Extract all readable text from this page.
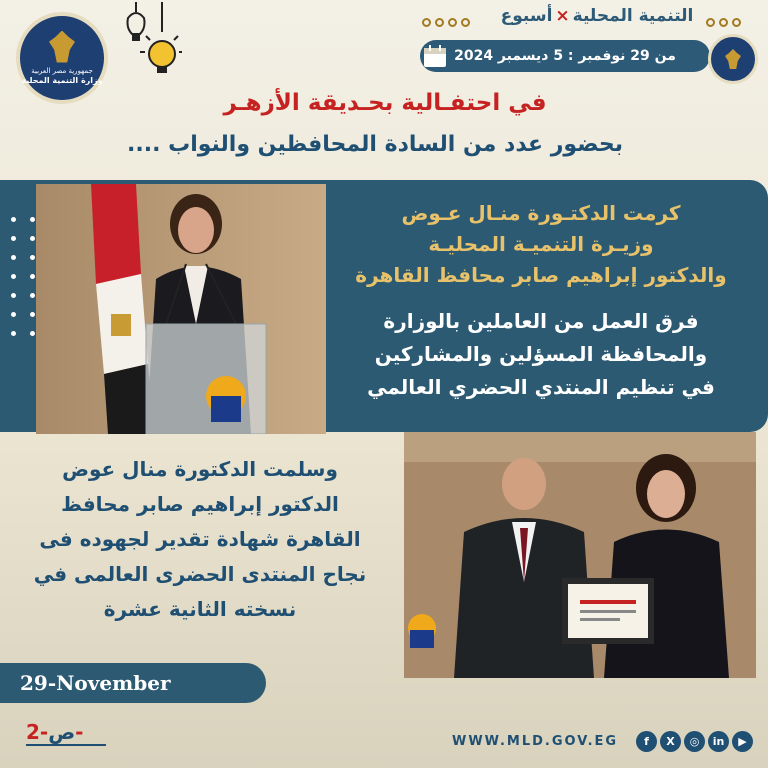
جمهورية مصر العربية
وزارة التنمية المحلية
التنمية المحلية×أسبوع
من 29 نوفمبر : 5 ديسمبر 2024
في احتفـالية بحـديقة الأزهـر
بحضور عدد من السادة المحافظين والنواب ....
كرمت الدكتـورة منـال عـوض
وزيـرة التنميـة المحليـة
والدكتور إبراهيم صابر محافظ القاهرة
فرق العمل من العاملين بالوزارة
والمحافظة المسؤلين والمشاركين
في تنظيم المنتدي الحضري العالمي
وسلمت الدكتورة منال عوض
الدكتور إبراهيم صابر محافظ
القاهرة شهادة تقدير لجهوده فى
نجاح المنتدى الحضرى العالمى في
نسخته الثانية عشرة
29-November
ص-2-	WWW.MLD.GOV.EG	f	X	◎	in	▶
